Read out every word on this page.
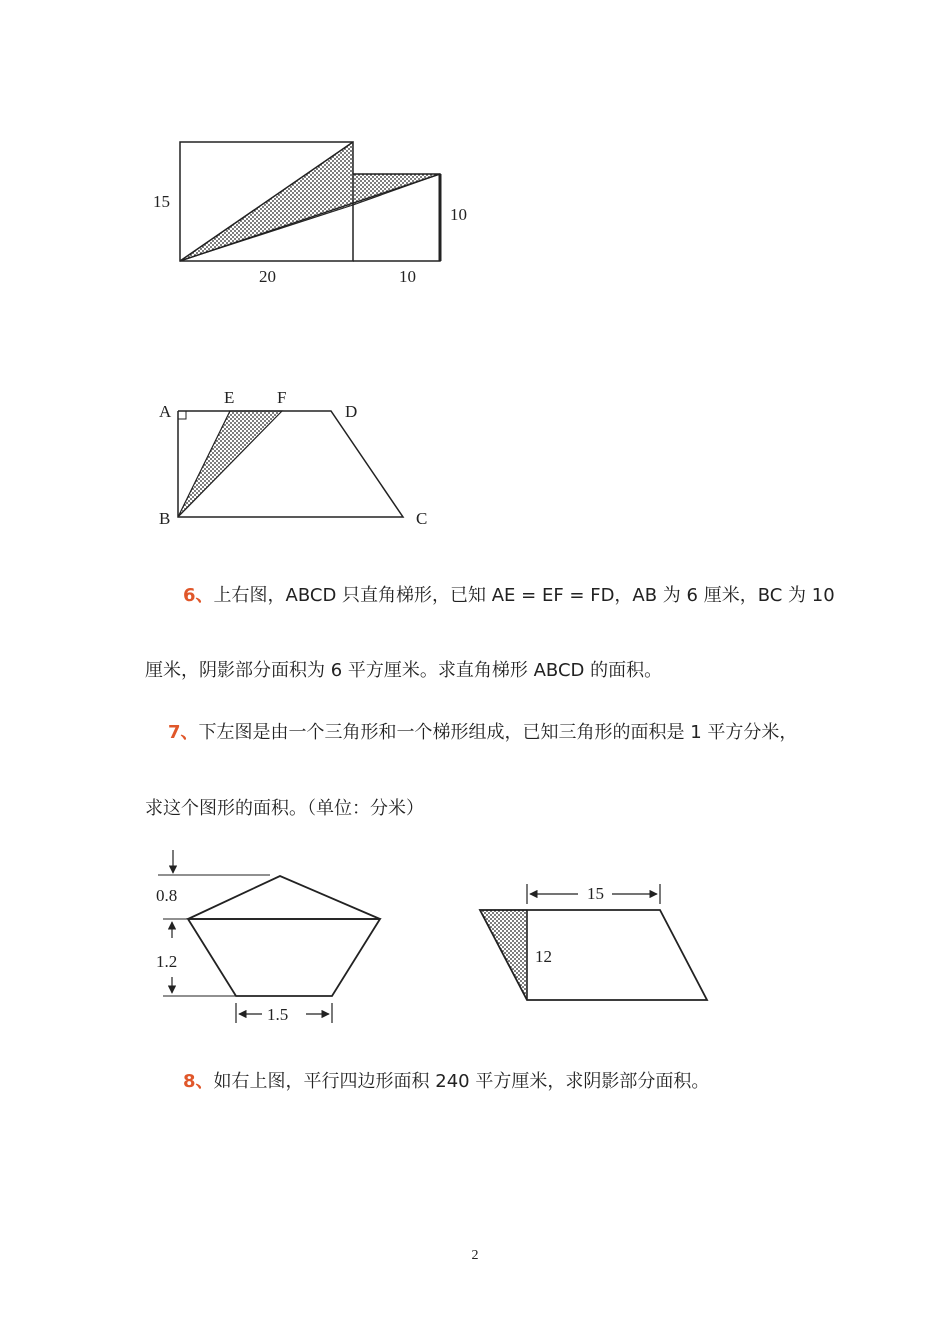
15
10
20	10
A
E	F
D
B	C
0.8
1.2
1.5
15
12
6、上右图，ABCD 只直角梯形，已知 AE = EF = FD，AB 为 6 厘米，BC 为 10
厘米，阴影部分面积为 6 平方厘米。求直角梯形 ABCD 的面积。
7、下左图是由一个三角形和一个梯形组成，已知三角形的面积是 1 平方分米，
求这个图形的面积。（单位：分米）
8、如右上图，平行四边形面积 240 平方厘米，求阴影部分面积。
2
